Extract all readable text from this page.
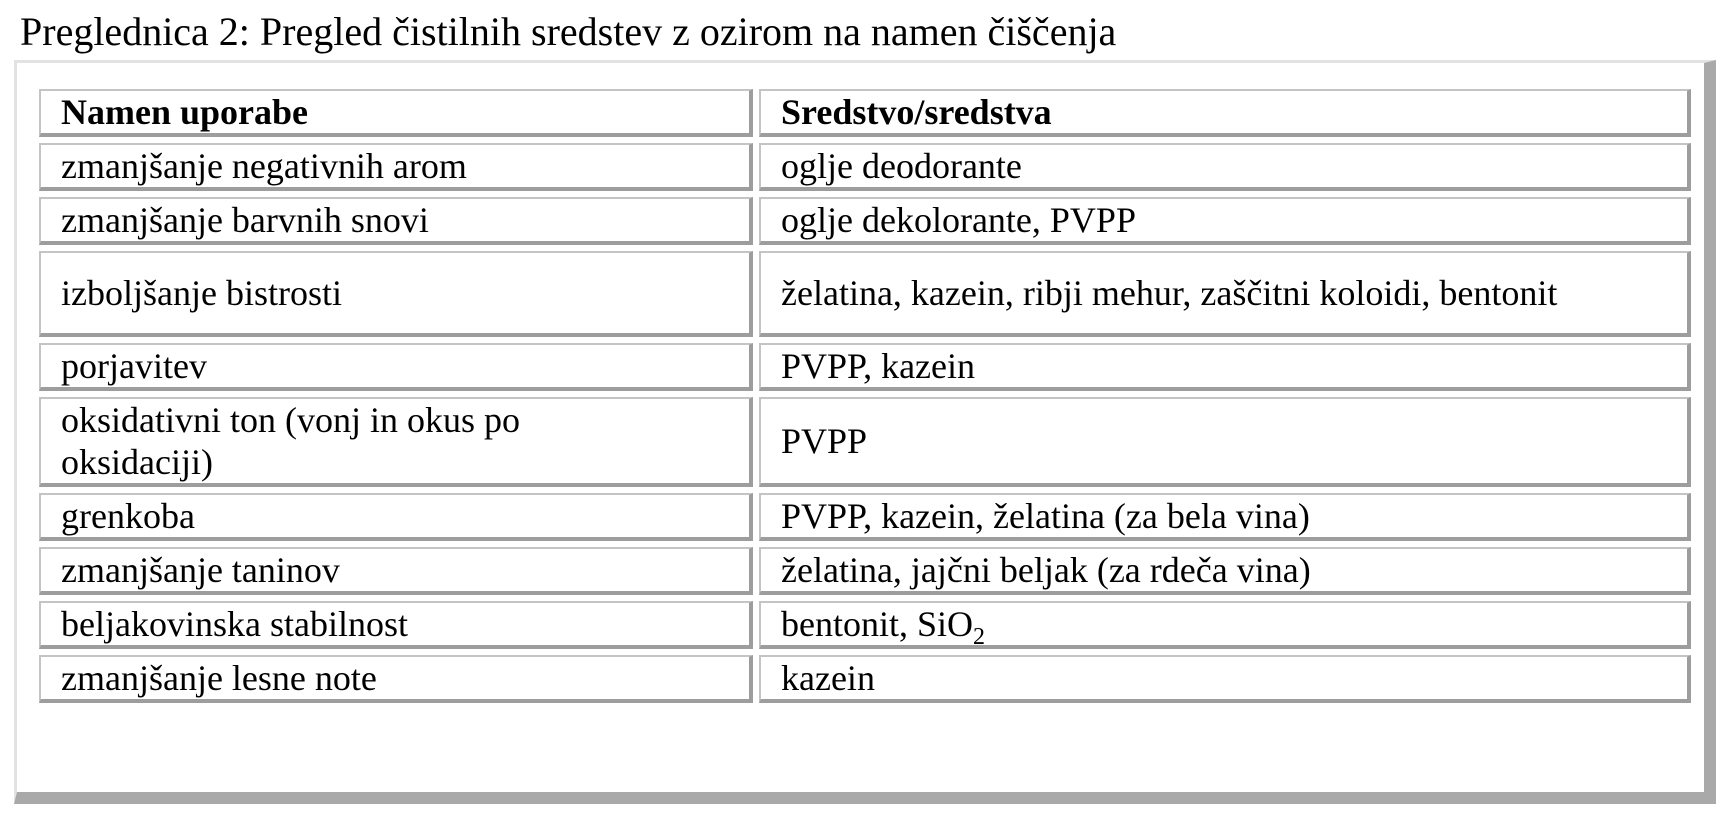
Preglednica 2: Pregled čistilnih sredstev z ozirom na namen čiščenja
Namen uporabe	Sredstvo/sredstva
zmanjšanje negativnih arom	oglje deodorante
zmanjšanje barvnih snovi	oglje dekolorante, PVPP
izboljšanje bistrosti	želatina, kazein, ribji mehur, zaščitni koloidi, bentonit
porjavitev	PVPP, kazein
oksidativni ton (vonj in okus po oksidaciji)	PVPP
grenkoba	PVPP, kazein, želatina (za bela vina)
zmanjšanje taninov	želatina, jajčni beljak (za rdeča vina)
beljakovinska stabilnost	bentonit, SiO$_2$
zmanjšanje lesne note	kazein
